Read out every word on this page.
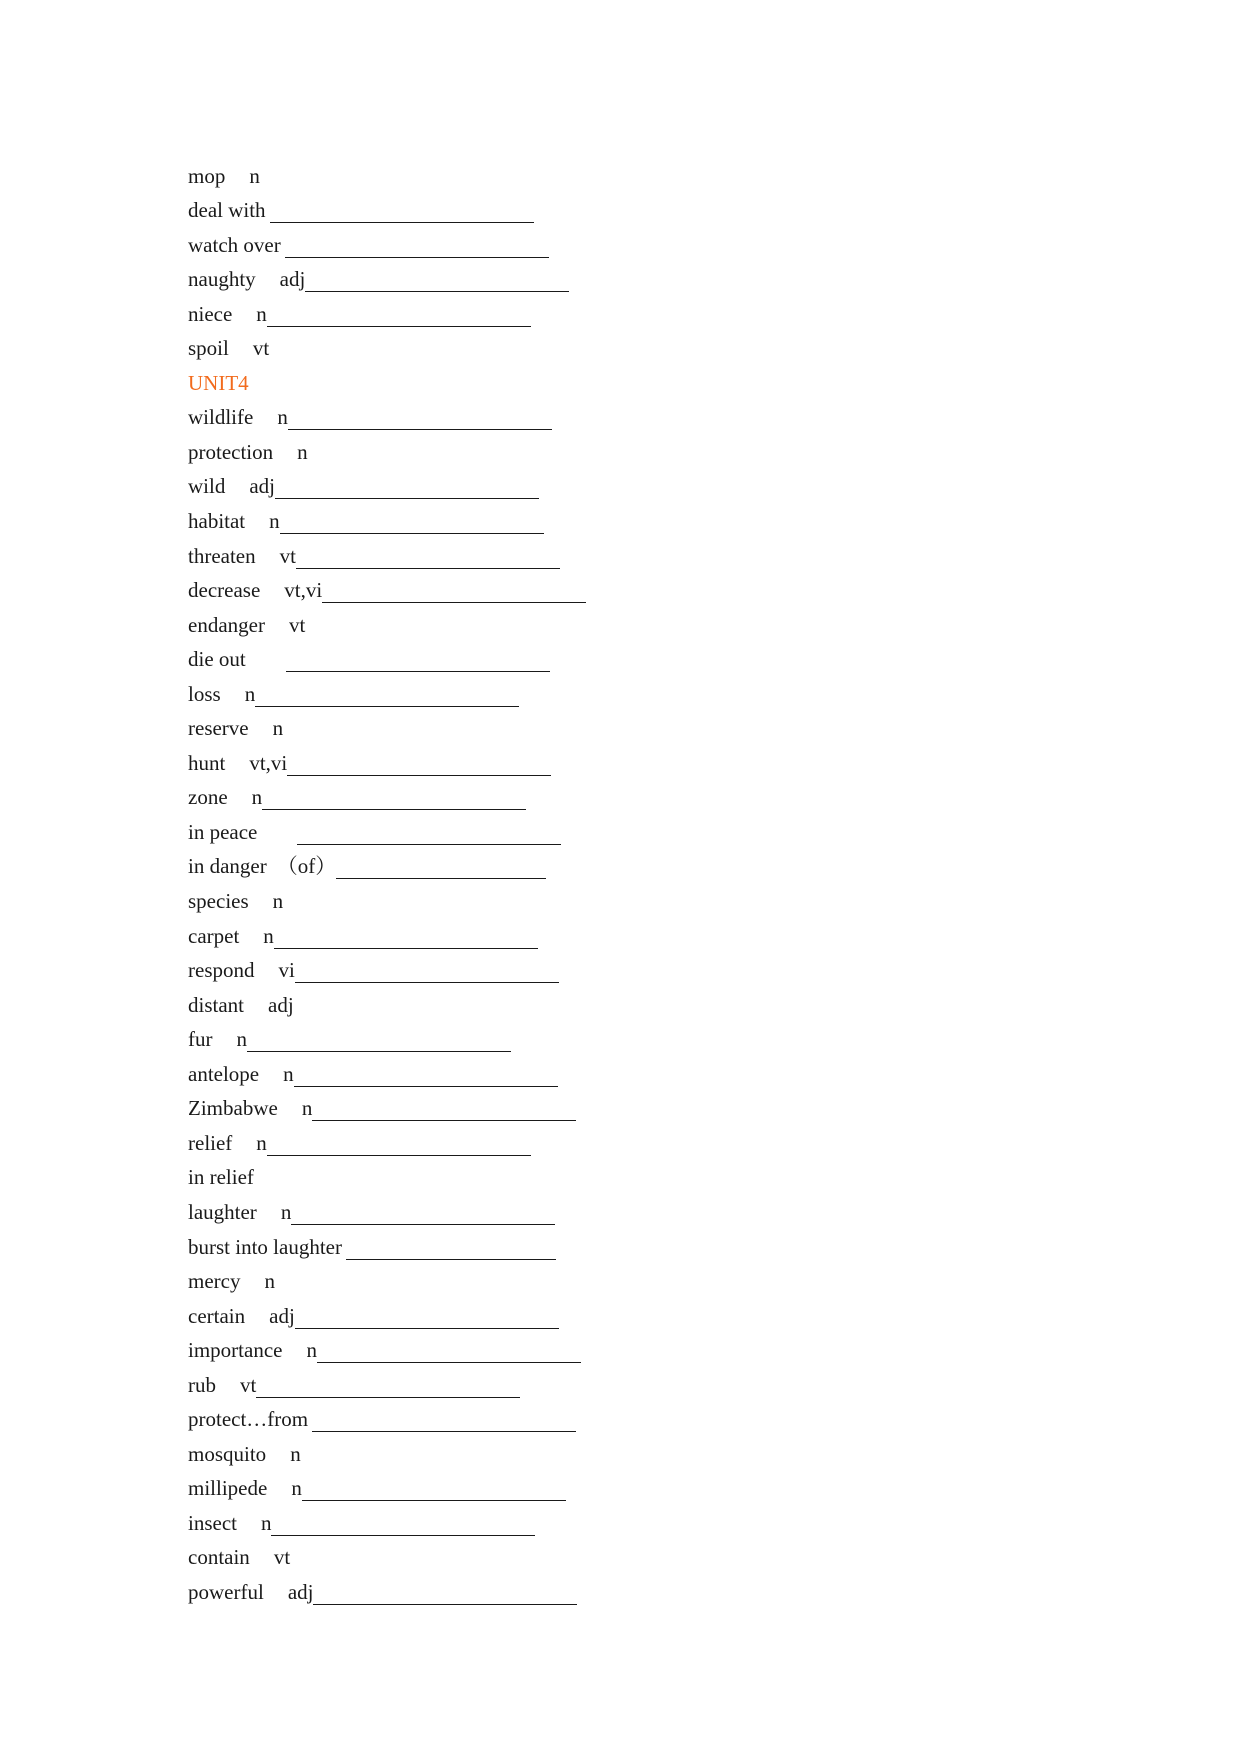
mop n
deal with
watch over
naughty adj
niece n
spoil vt
UNIT4
wildlife n
protection n
wild adj
habitat n
threaten vt
decrease vt,vi
endanger vt
die out
loss n
reserve n
hunt vt,vi
zone n
in peace
in danger （of）
species n
carpet n
respond vi
distant adj
fur n
antelope n
Zimbabwe n
relief n
in relief
laughter n
burst into laughter
mercy n
certain adj
importance n
rub vt
protect…from
mosquito n
millipede n
insect n
contain vt
powerful adj
